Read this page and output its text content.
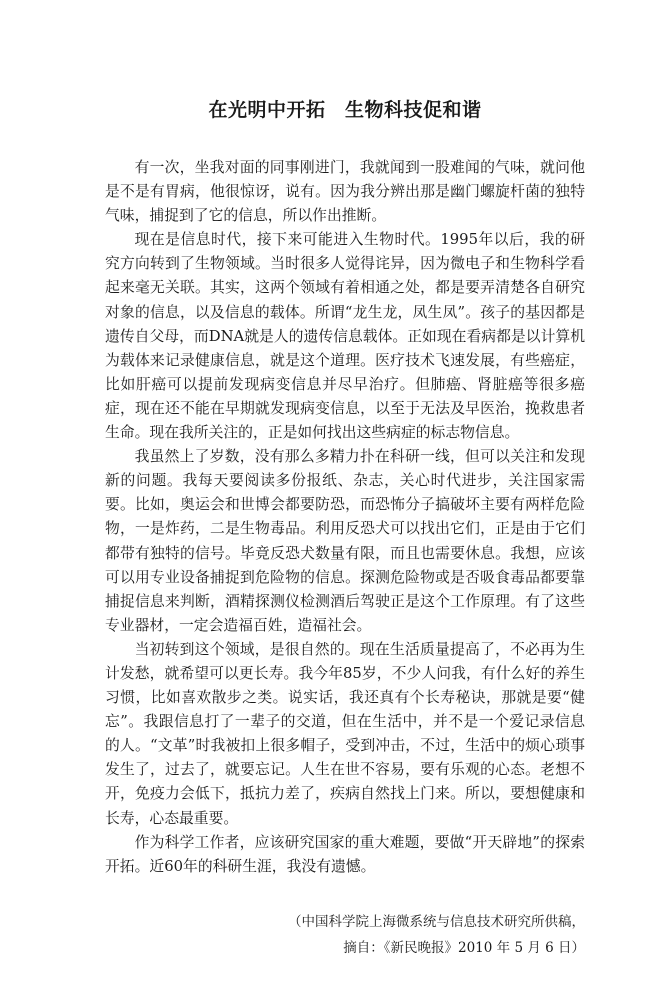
在光明中开拓　生物科技促和谐

有一次，坐我对面的同事刚进门，我就闻到一股难闻的气味，就问他是不是有胃病，他很惊讶，说有。因为我分辨出那是幽门螺旋杆菌的独特气味，捕捉到了它的信息，所以作出推断。

现在是信息时代，接下来可能进入生物时代。1995年以后，我的研究方向转到了生物领域。当时很多人觉得诧异，因为微电子和生物科学看起来毫无关联。其实，这两个领域有着相通之处，都是要弄清楚各自研究对象的信息，以及信息的载体。所谓“龙生龙，凤生凤”。孩子的基因都是遗传自父母，而DNA就是人的遗传信息载体。正如现在看病都是以计算机为载体来记录健康信息，就是这个道理。医疗技术飞速发展，有些癌症，比如肝癌可以提前发现病变信息并尽早治疗。但肺癌、肾脏癌等很多癌症，现在还不能在早期就发现病变信息，以至于无法及早医治，挽救患者生命。现在我所关注的，正是如何找出这些病症的标志物信息。

我虽然上了岁数，没有那么多精力扑在科研一线，但可以关注和发现新的问题。我每天要阅读多份报纸、杂志，关心时代进步，关注国家需要。比如，奥运会和世博会都要防恐，而恐怖分子搞破坏主要有两样危险物，一是炸药，二是生物毒品。利用反恐犬可以找出它们，正是由于它们都带有独特的信号。毕竟反恐犬数量有限，而且也需要休息。我想，应该可以用专业设备捕捉到危险物的信息。探测危险物或是否吸食毒品都要靠捕捉信息来判断，酒精探测仪检测酒后驾驶正是这个工作原理。有了这些专业器材，一定会造福百姓，造福社会。

当初转到这个领域，是很自然的。现在生活质量提高了，不必再为生计发愁，就希望可以更长寿。我今年85岁，不少人问我，有什么好的养生习惯，比如喜欢散步之类。说实话，我还真有个长寿秘诀，那就是要“健忘”。我跟信息打了一辈子的交道，但在生活中，并不是一个爱记录信息的人。“文革”时我被扣上很多帽子，受到冲击，不过，生活中的烦心琐事发生了，过去了，就要忘记。人生在世不容易，要有乐观的心态。老想不开，免疫力会低下，抵抗力差了，疾病自然找上门来。所以，要想健康和长寿，心态最重要。

作为科学工作者，应该研究国家的重大难题，要做“开天辟地”的探索开拓。近60年的科研生涯，我没有遗憾。

（中国科学院上海微系统与信息技术研究所供稿，
摘自：《新民晚报》2010 年 5 月 6 日）
